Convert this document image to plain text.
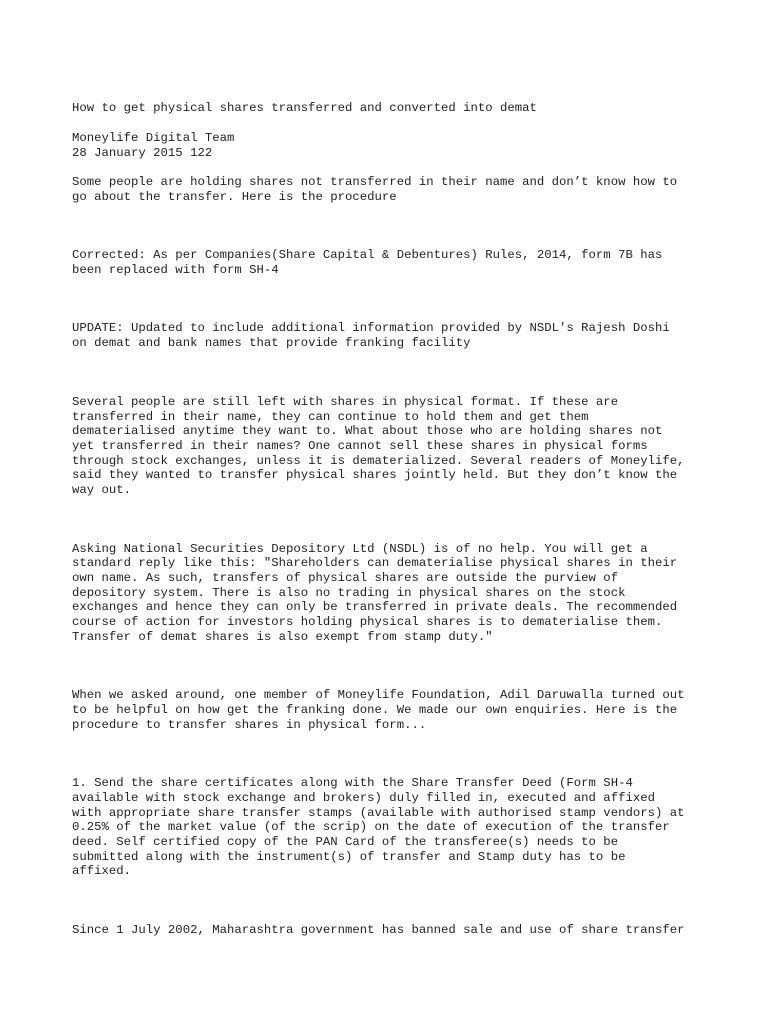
How to get physical shares transferred and converted into demat
Moneylife Digital Team
28 January 2015 122
Some people are holding shares not transferred in their name and don’t know how to
go about the transfer. Here is the procedure
Corrected: As per Companies(Share Capital & Debentures) Rules, 2014, form 7B has
been replaced with form SH-4
UPDATE: Updated to include additional information provided by NSDL's Rajesh Doshi
on demat and bank names that provide franking facility
Several people are still left with shares in physical format. If these are
transferred in their name, they can continue to hold them and get them
dematerialised anytime they want to. What about those who are holding shares not
yet transferred in their names? One cannot sell these shares in physical forms
through stock exchanges, unless it is dematerialized. Several readers of Moneylife,
said they wanted to transfer physical shares jointly held. But they don’t know the
way out.
Asking National Securities Depository Ltd (NSDL) is of no help. You will get a
standard reply like this: "Shareholders can dematerialise physical shares in their
own name. As such, transfers of physical shares are outside the purview of
depository system. There is also no trading in physical shares on the stock
exchanges and hence they can only be transferred in private deals. The recommended
course of action for investors holding physical shares is to dematerialise them.
Transfer of demat shares is also exempt from stamp duty."
When we asked around, one member of Moneylife Foundation, Adil Daruwalla turned out
to be helpful on how get the franking done. We made our own enquiries. Here is the
procedure to transfer shares in physical form...
1. Send the share certificates along with the Share Transfer Deed (Form SH-4
available with stock exchange and brokers) duly filled in, executed and affixed
with appropriate share transfer stamps (available with authorised stamp vendors) at
0.25% of the market value (of the scrip) on the date of execution of the transfer
deed. Self certified copy of the PAN Card of the transferee(s) needs to be
submitted along with the instrument(s) of transfer and Stamp duty has to be
affixed.
Since 1 July 2002, Maharashtra government has banned sale and use of share transfer
